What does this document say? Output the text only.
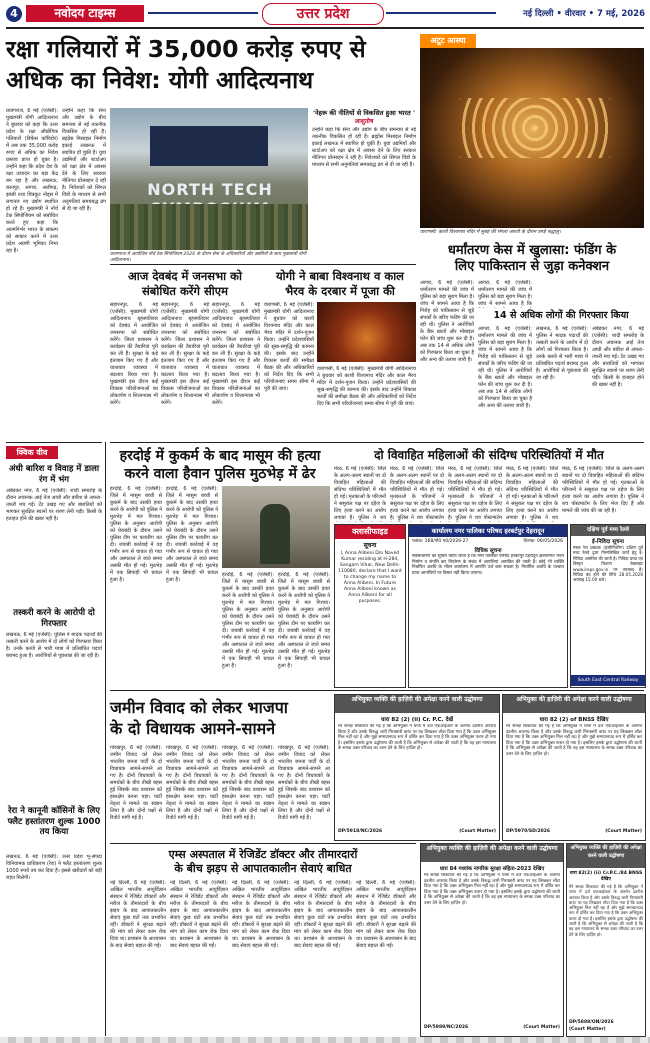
4	नवोदय टाइम्स	उत्तर प्रदेश	नई दिल्ली • वीरवार • 7 मई, 2026
रक्षा गलियारों में 35,000 करोड़ रुपए से
अधिक का निवेश: योगी आदित्यनाथ
प्रयागराज, 6 मई (एजेंसी): मुख्यमंत्री योगी आदित्यनाथ ने बुधवार को कहा कि उत्तर प्रदेश के रक्षा औद्योगिक गलियारों (डिफेंस कॉरिडोर) में अब तक 35,000 करोड़ रुपए से अधिक का निवेश प्रस्ताव प्राप्त हो चुका है। उन्होंने कहा कि प्रदेश देश के रक्षा उत्पादन का बड़ा केंद्र बन रहा है और लखनऊ, कानपुर, आगरा, अलीगढ़, झांसी तथा चित्रकूट नोड्स में लगातार नए उद्योग स्थापित हो रहे हैं। मुख्यमंत्री ने नॉर्थ टेक सिंपोजियम को संबोधित करते हुए कहा कि आत्मनिर्भर भारत के संकल्प को साकार करने में उत्तर प्रदेश अग्रणी भूमिका निभा रहा है।
उन्होंने कहा कि सेना और उद्योग के बीच समन्वय से नई तकनीक विकसित हो रही है। ब्रह्मोस मिसाइल निर्माण इकाई लखनऊ में स्थापित हो चुकी है। युवा उद्यमियों और स्टार्टअप को रक्षा क्षेत्र में अवसर देने के लिए सरकार नीतिगत प्रोत्साहन दे रही है। निवेशकों को सिंगल विंडो के माध्यम से सभी अनुमतियां समयबद्ध ढंग से दी जा रही हैं।
NORTH TECH
प्रयागराज में आयोजित नॉर्थ टेक सिंपोजियम 2026 के दौरान सेना के अधिकारियों और उद्यमियों के साथ मुख्यमंत्री योगी आदित्यनाथ।
'नेहरू की नीतियों से विकसित हुआ भारत '
आशुतोष
उन्होंने कहा कि सेना और उद्योग के बीच समन्वय से नई तकनीक विकसित हो रही है। ब्रह्मोस मिसाइल निर्माण इकाई लखनऊ में स्थापित हो चुकी है। युवा उद्यमियों और स्टार्टअप को रक्षा क्षेत्र में अवसर देने के लिए सरकार नीतिगत प्रोत्साहन दे रही है। निवेशकों को सिंगल विंडो के माध्यम से सभी अनुमतियां समयबद्ध ढंग से दी जा रही हैं।
अटूट आस्था
वाराणसी: काशी विश्वनाथ मंदिर में सुबह की मंगला आरती के दौरान उमड़े श्रद्धालु।
धर्मांतरण केस में खुलासा: फंडिंग के
लिए पाकिस्तान से जुड़ा कनेक्शन
आगरा, 6 मई (एजेंसी): धर्मांतरण मामले की जांच में पुलिस को बड़ा सुराग मिला है। जांच में सामने आया है कि गिरोह को पाकिस्तान से जुड़े संपर्कों के जरिए फंडिंग की जा रही थी। पुलिस ने आरोपियों के बैंक खातों और मोबाइल फोन की जांच शुरू कर दी है। अब तक 14 से अधिक लोगों को गिरफ्तार किया जा चुका है और अन्य की तलाश जारी है।
आगरा, 6 मई (एजेंसी): धर्मांतरण मामले की जांच में पुलिस को बड़ा सुराग मिला है। जांच में सामने आया है कि
14 से अधिक लोगों की गिरफ्तार किया
आगरा, 6 मई (एजेंसी): धर्मांतरण मामले की जांच में पुलिस को बड़ा सुराग मिला है। जांच में सामने आया है कि गिरोह को पाकिस्तान से जुड़े संपर्कों के जरिए फंडिंग की जा रही थी। पुलिस ने आरोपियों के बैंक खातों और मोबाइल फोन की जांच शुरू कर दी है। अब तक 14 से अधिक लोगों को गिरफ्तार किया जा चुका है और अन्य की तलाश जारी है।
लखनऊ, 6 मई (एजेंसी): पुलिस ने मादक पदार्थों की तस्करी करने के आरोप में दो लोगों को गिरफ्तार किया है। उनके कब्जे से भारी मात्रा में प्रतिबंधित पदार्थ बरामद हुआ है। आरोपियों से पूछताछ की जा रही है।
अंबेडकर नगर, 6 मई (एजेंसी): शादी समारोह के दौरान अचानक आई तेज आंधी और बारिश से अफरा-तफरी मच गई। टेंट उखड़ गए और बारातियों को भागकर सुरक्षित स्थानों पर शरण लेनी पड़ी। किसी के हताहत होने की खबर नहीं है।
आज देवबंद में जनसभा को
संबोधित करेंगे सीएम
सहारनपुर, 6 मई (एजेंसी): मुख्यमंत्री योगी आदित्यनाथ बृहस्पतिवार को देवबंद में आयोजित जनसभा को संबोधित करेंगे। जिला प्रशासन ने कार्यक्रम की तैयारियां पूरी कर ली हैं। सुरक्षा के कड़े इंतजाम किए गए हैं और यातायात व्यवस्था में बदलाव किया गया है। मुख्यमंत्री इस दौरान कई विकास परियोजनाओं का लोकार्पण व शिलान्यास भी करेंगे।
सहारनपुर, 6 मई (एजेंसी): मुख्यमंत्री योगी आदित्यनाथ बृहस्पतिवार को देवबंद में आयोजित जनसभा को संबोधित करेंगे। जिला प्रशासन ने कार्यक्रम की तैयारियां पूरी कर ली हैं। सुरक्षा के कड़े इंतजाम किए गए हैं और यातायात व्यवस्था में बदलाव किया गया है। मुख्यमंत्री इस दौरान कई विकास परियोजनाओं का लोकार्पण व शिलान्यास भी करेंगे।
सहारनपुर, 6 मई (एजेंसी): मुख्यमंत्री योगी आदित्यनाथ बृहस्पतिवार को देवबंद में आयोजित जनसभा को संबोधित करेंगे। जिला प्रशासन ने कार्यक्रम की तैयारियां पूरी कर ली हैं। सुरक्षा के कड़े इंतजाम किए गए हैं और यातायात व्यवस्था में बदलाव किया गया है। मुख्यमंत्री इस दौरान कई विकास परियोजनाओं का लोकार्पण व शिलान्यास भी करेंगे।
योगी ने बाबा विश्वनाथ व काल
भैरव के दरबार में पूजा की
वाराणसी, 6 मई (एजेंसी): मुख्यमंत्री योगी आदित्यनाथ ने बुधवार को काशी विश्वनाथ मंदिर और काल भैरव मंदिर में दर्शन-पूजन किया। उन्होंने प्रदेशवासियों की सुख-समृद्धि की कामना की। इसके बाद उन्होंने विकास कार्यों की समीक्षा बैठक की और अधिकारियों को निर्देश दिए कि सभी परियोजनाएं समय सीमा में पूरी की जाएं।
वाराणसी, 6 मई (एजेंसी): मुख्यमंत्री योगी आदित्यनाथ ने बुधवार को काशी विश्वनाथ मंदिर और काल भैरव मंदिर में दर्शन-पूजन किया। उन्होंने प्रदेशवासियों की सुख-समृद्धि की कामना की। इसके बाद उन्होंने विकास कार्यों की समीक्षा बैठक की और अधिकारियों को निर्देश दिए कि सभी परियोजनाएं समय सीमा में पूरी की जाएं।
क्विक वीव
अंधी बारिश व विवाह में डाला रंग में भंग
अंबेडकर नगर, 6 मई (एजेंसी): शादी समारोह के दौरान अचानक आई तेज आंधी और बारिश से अफरा-तफरी मच गई। टेंट उखड़ गए और बारातियों को भागकर सुरक्षित स्थानों पर शरण लेनी पड़ी। किसी के हताहत होने की खबर नहीं है।
तस्करी करने के आरोपी दो गिरफ्तार
लखनऊ, 6 मई (एजेंसी): पुलिस ने मादक पदार्थों की तस्करी करने के आरोप में दो लोगों को गिरफ्तार किया है। उनके कब्जे से भारी मात्रा में प्रतिबंधित पदार्थ बरामद हुआ है। आरोपियों से पूछताछ की जा रही है।
रेरा ने कानूनी कॉसिनों के लिए फ्लैट हस्तांतरण शुल्क 1000 तय किया
लखनऊ, 6 मई (एजेंसी): उत्तर प्रदेश भू-संपदा विनियामक प्राधिकरण (रेरा) ने फ्लैट हस्तांतरण शुल्क 1000 रुपये तय कर दिया है। इससे खरीदारों को बड़ी राहत मिलेगी।
हरदोई में कुकर्म के बाद मासूम की हत्या
करने वाला हैवान पुलिस मुठभेड़ में ढेर
हरदोई, 6 मई (एजेंसी): जिले में मासूम बच्ची से कुकर्म के बाद उसकी हत्या करने के आरोपी को पुलिस ने मुठभेड़ में मार गिराया। पुलिस के अनुसार आरोपी को घेराबंदी के दौरान उसने पुलिस टीम पर फायरिंग कर दी। जवाबी कार्रवाई में वह गंभीर रूप से घायल हो गया और अस्पताल ले जाते समय उसकी मौत हो गई। मुठभेड़ में एक सिपाही भी घायल हुआ है।
हरदोई, 6 मई (एजेंसी): जिले में मासूम बच्ची से कुकर्म के बाद उसकी हत्या करने के आरोपी को पुलिस ने मुठभेड़ में मार गिराया। पुलिस के अनुसार आरोपी को घेराबंदी के दौरान उसने पुलिस टीम पर फायरिंग कर दी। जवाबी कार्रवाई में वह गंभीर रूप से घायल हो गया और अस्पताल ले जाते समय उसकी मौत हो गई। मुठभेड़ में एक सिपाही भी घायल हुआ है।
हरदोई, 6 मई (एजेंसी): जिले में मासूम बच्ची से कुकर्म के बाद उसकी हत्या करने के आरोपी को पुलिस ने मुठभेड़ में मार गिराया। पुलिस के अनुसार आरोपी को घेराबंदी के दौरान उसने पुलिस टीम पर फायरिंग कर दी। जवाबी कार्रवाई में वह गंभीर रूप से घायल हो गया और अस्पताल ले जाते समय उसकी मौत हो गई। मुठभेड़ में एक सिपाही भी घायल हुआ है।
हरदोई, 6 मई (एजेंसी): जिले में मासूम बच्ची से कुकर्म के बाद उसकी हत्या करने के आरोपी को पुलिस ने मुठभेड़ में मार गिराया। पुलिस के अनुसार आरोपी को घेराबंदी के दौरान उसने पुलिस टीम पर फायरिंग कर दी। जवाबी कार्रवाई में वह गंभीर रूप से घायल हो गया और अस्पताल ले जाते समय उसकी मौत हो गई। मुठभेड़ में एक सिपाही भी घायल हुआ है।
दो विवाहित महिलाओं की संदिग्ध परिस्थितियों में मौत
मेरठ, 6 मई (एजेंसी): जिले के अलग-अलग स्थानों पर दो विवाहित महिलाओं की संदिग्ध परिस्थितियों में मौत हो गई। मृतकाओं के परिजनों ने ससुराल पक्ष पर दहेज के लिए हत्या करने का आरोप लगाया है। पुलिस ने शव
मेरठ, 6 मई (एजेंसी): जिले के अलग-अलग स्थानों पर दो विवाहित महिलाओं की संदिग्ध परिस्थितियों में मौत हो गई। मृतकाओं के परिजनों ने ससुराल पक्ष पर दहेज के लिए हत्या करने का आरोप लगाया है। पुलिस ने शव पोस्टमार्टम
मेरठ, 6 मई (एजेंसी): जिले के अलग-अलग स्थानों पर दो विवाहित महिलाओं की संदिग्ध परिस्थितियों में मौत हो गई। मृतकाओं के परिजनों ने ससुराल पक्ष पर दहेज के लिए हत्या करने का आरोप लगाया है। पुलिस ने शव पोस्टमार्टम
मेरठ, 6 मई (एजेंसी): जिले के अलग-अलग स्थानों पर दो विवाहित महिलाओं की संदिग्ध परिस्थितियों में मौत हो गई। मृतकाओं के परिजनों ने ससुराल पक्ष पर दहेज के लिए हत्या करने का आरोप लगाया है। पुलिस ने शव
मेरठ, 6 मई (एजेंसी): जिले के अलग-अलग स्थानों पर दो विवाहित महिलाओं की संदिग्ध परिस्थितियों में मौत हो गई। मृतकाओं के परिजनों ने ससुराल पक्ष पर दहेज के लिए हत्या करने का आरोप लगाया है। पुलिस ने शव पोस्टमार्टम के लिए भेज दिए हैं और मामले की जांच की जा रही है।
क्लासीफाइड
सूचना
I, Anna Alibeni D/o Naved Kumar residing at H-284, Sangam Vihar, New Delhi-110080, declare that I want to change my name to Anna Alibeni. In Future Anna Alibeni known as Anna Alibeni for all purposes.
कार्यालय नगर पालिका परिषद हरबर्टपुर देहरादून
पत्रांक: 168/नो0 प0/2026-27	दिनांक: 06/05/2026
विधिक सूचना
सर्वसाधारण को सूचित किया जाता है कि नगर पालिका परिषद हरबर्टपुर देहरादून क्षेत्रान्तर्गत भवन निर्माण व संपत्ति कर निर्धारण के संबंध में आपत्तियां आमंत्रित की जाती हैं। कोई भी व्यक्ति निर्धारित अवधि के भीतर कार्यालय में आपत्ति दर्ज करा सकता है। निर्धारित अवधि के पश्चात प्राप्त आपत्तियों पर विचार नहीं किया जाएगा।
दक्षिण पूर्व मध्य रेलवे
ई-निविदा सूचना
मंडल रेल प्रबंधक (इंजीनियरिंग) दक्षिण पूर्व मध्य रेलवे द्वारा निम्नलिखित कार्य हेतु ई-निविदा आमंत्रित की जाती है। निविदा प्रपत्र एवं विस्तृत विवरण वेबसाइट www.ireps.gov.in पर उपलब्ध है। निविदा बंद होने की तिथि 28.05.2026 अपराह्न 15.00 बजे।
South East Central Railway
जमीन विवाद को लेकर भाजपा
के दो विधायक आमने-सामने
गोरखपुर, 6 मई (एजेंसी): जमीन विवाद को लेकर भारतीय जनता पार्टी के दो विधायक आमने-सामने आ गए हैं। दोनों विधायकों के समर्थकों के बीच तीखी बहस हुई जिसके बाद प्रशासन को हस्तक्षेप करना पड़ा। पार्टी नेतृत्व ने मामले का संज्ञान लिया है और दोनों पक्षों से रिपोर्ट मांगी गई है।
गोरखपुर, 6 मई (एजेंसी): जमीन विवाद को लेकर भारतीय जनता पार्टी के दो विधायक आमने-सामने आ गए हैं। दोनों विधायकों के समर्थकों के बीच तीखी बहस हुई जिसके बाद प्रशासन को हस्तक्षेप करना पड़ा। पार्टी नेतृत्व ने मामले का संज्ञान लिया है और दोनों पक्षों से रिपोर्ट मांगी गई है।
गोरखपुर, 6 मई (एजेंसी): जमीन विवाद को लेकर भारतीय जनता पार्टी के दो विधायक आमने-सामने आ गए हैं। दोनों विधायकों के समर्थकों के बीच तीखी बहस हुई जिसके बाद प्रशासन को हस्तक्षेप करना पड़ा। पार्टी नेतृत्व ने मामले का संज्ञान लिया है और दोनों पक्षों से रिपोर्ट मांगी गई है।
गोरखपुर, 6 मई (एजेंसी): जमीन विवाद को लेकर भारतीय जनता पार्टी के दो विधायक आमने-सामने आ गए हैं। दोनों विधायकों के समर्थकों के बीच तीखी बहस हुई जिसके बाद प्रशासन को हस्तक्षेप करना पड़ा। पार्टी नेतृत्व ने मामले का संज्ञान लिया है और दोनों पक्षों से रिपोर्ट मांगी गई है।
अभियुक्त व्यक्ति की हाज़िरी की अपेक्षा करने वाली उद्घोषणा
धारा 82 (2) (ii) Cr. P.C. देखें
मेरे समक्ष शिकायत की गई है कि अभियुक्त ने थाना में दर्ज एफआईआर के अंतर्गत दंडनीय अपराध किया है और उसके विरुद्ध जारी गिरफ्तारी वारंट पर यह लिखकर लौटा दिया गया है कि उक्त अभियुक्त मिल नहीं रहा है और मुझे समाधानप्रद रूप में दर्शित कर दिया गया है कि उक्त अभियुक्त फरार हो गया है। इसलिए इसके द्वारा उद्घोषणा की जाती है कि अभियुक्त से अपेक्षा की जाती है कि वह इस न्यायालय के समक्ष उक्त परिवाद का उत्तर देने के लिए हाज़िर हो।
DP/5918/NC/2026	(Court Matter)
अभियुक्त की हाज़िरी की अपेक्षा करने वाली उद्घोषणा
धारा 82 (2) of BNSS देखिए
मेरे समक्ष शिकायत की गई है कि अभियुक्त ने थाना में दर्ज एफआईआर के अंतर्गत दंडनीय अपराध किया है और उसके विरुद्ध जारी गिरफ्तारी वारंट पर यह लिखकर लौटा दिया गया है कि उक्त अभियुक्त मिल नहीं रहा है और मुझे समाधानप्रद रूप में दर्शित कर दिया गया है कि उक्त अभियुक्त फरार हो गया है। इसलिए इसके द्वारा उद्घोषणा की जाती है कि अभियुक्त से अपेक्षा की जाती है कि वह इस न्यायालय के समक्ष उक्त परिवाद का उत्तर देने के लिए हाज़िर हो।
DP/5970/SD/2026	(Court Matter)
एम्स अस्पताल में रेजिडेंट डॉक्टर और तीमारदारों
के बीच झड़प से आपातकालीन सेवाएं बाधित
नई दिल्ली, 6 मई (एजेंसी): अखिल भारतीय आयुर्विज्ञान संस्थान में रेजिडेंट डॉक्टरों और मरीज के तीमारदारों के बीच झड़प के बाद आपातकालीन सेवाएं कुछ घंटों तक प्रभावित रहीं। डॉक्टरों ने सुरक्षा बढ़ाने की मांग को लेकर काम रोक दिया था। प्रशासन के आश्वासन के बाद सेवाएं बहाल की गईं।
नई दिल्ली, 6 मई (एजेंसी): अखिल भारतीय आयुर्विज्ञान संस्थान में रेजिडेंट डॉक्टरों और मरीज के तीमारदारों के बीच झड़प के बाद आपातकालीन सेवाएं कुछ घंटों तक प्रभावित रहीं। डॉक्टरों ने सुरक्षा बढ़ाने की मांग को लेकर काम रोक दिया था। प्रशासन के आश्वासन के बाद सेवाएं बहाल की गईं।
नई दिल्ली, 6 मई (एजेंसी): अखिल भारतीय आयुर्विज्ञान संस्थान में रेजिडेंट डॉक्टरों और मरीज के तीमारदारों के बीच झड़प के बाद आपातकालीन सेवाएं कुछ घंटों तक प्रभावित रहीं। डॉक्टरों ने सुरक्षा बढ़ाने की मांग को लेकर काम रोक दिया था। प्रशासन के आश्वासन के बाद सेवाएं बहाल की गईं।
नई दिल्ली, 6 मई (एजेंसी): अखिल भारतीय आयुर्विज्ञान संस्थान में रेजिडेंट डॉक्टरों और मरीज के तीमारदारों के बीच झड़प के बाद आपातकालीन सेवाएं कुछ घंटों तक प्रभावित रहीं। डॉक्टरों ने सुरक्षा बढ़ाने की मांग को लेकर काम रोक दिया था। प्रशासन के आश्वासन के बाद सेवाएं बहाल की गईं।
नई दिल्ली, 6 मई (एजेंसी): अखिल भारतीय आयुर्विज्ञान संस्थान में रेजिडेंट डॉक्टरों और मरीज के तीमारदारों के बीच झड़प के बाद आपातकालीन सेवाएं कुछ घंटों तक प्रभावित रहीं। डॉक्टरों ने सुरक्षा बढ़ाने की मांग को लेकर काम रोक दिया था। प्रशासन के आश्वासन के बाद सेवाएं बहाल की गईं।
अभियुक्त व्यक्ति की हाज़िरी की अपेक्षा करने वाली उद्घोषणा
धारा 84 मध्यांक नागरिक सुरक्षा संहिता-2023 देखिए
मेरे समक्ष शिकायत की गई है कि अभियुक्त ने थाना में दर्ज एफआईआर के अंतर्गत दंडनीय अपराध किया है और उसके विरुद्ध जारी गिरफ्तारी वारंट पर यह लिखकर लौटा दिया गया है कि उक्त अभियुक्त मिल नहीं रहा है और मुझे समाधानप्रद रूप में दर्शित कर दिया गया है कि उक्त अभियुक्त फरार हो गया है। इसलिए इसके द्वारा उद्घोषणा की जाती है कि अभियुक्त से अपेक्षा की जाती है कि वह इस न्यायालय के समक्ष उक्त परिवाद का उत्तर देने के लिए हाज़िर हो।
DP/5989/NC/2026	(Court Matter)
अभियुक्त व्यक्ति की हाज़िरी की अपेक्षा करने वाली उद्घोषणा
धारा 82(2) (ii) Cr.P.C./84 BNSS देखिए
मेरे समक्ष शिकायत की गई है कि अभियुक्त ने थाना में दर्ज एफआईआर के अंतर्गत दंडनीय अपराध किया है और उसके विरुद्ध जारी गिरफ्तारी वारंट पर यह लिखकर लौटा दिया गया है कि उक्त अभियुक्त मिल नहीं रहा है और मुझे समाधानप्रद रूप में दर्शित कर दिया गया है कि उक्त अभियुक्त फरार हो गया है। इसलिए इसके द्वारा उद्घोषणा की जाती है कि अभियुक्त से अपेक्षा की जाती है कि वह इस न्यायालय के समक्ष उक्त परिवाद का उत्तर देने के लिए हाज़िर हो।
DP/5888/ON/2026
(Court Matter)
